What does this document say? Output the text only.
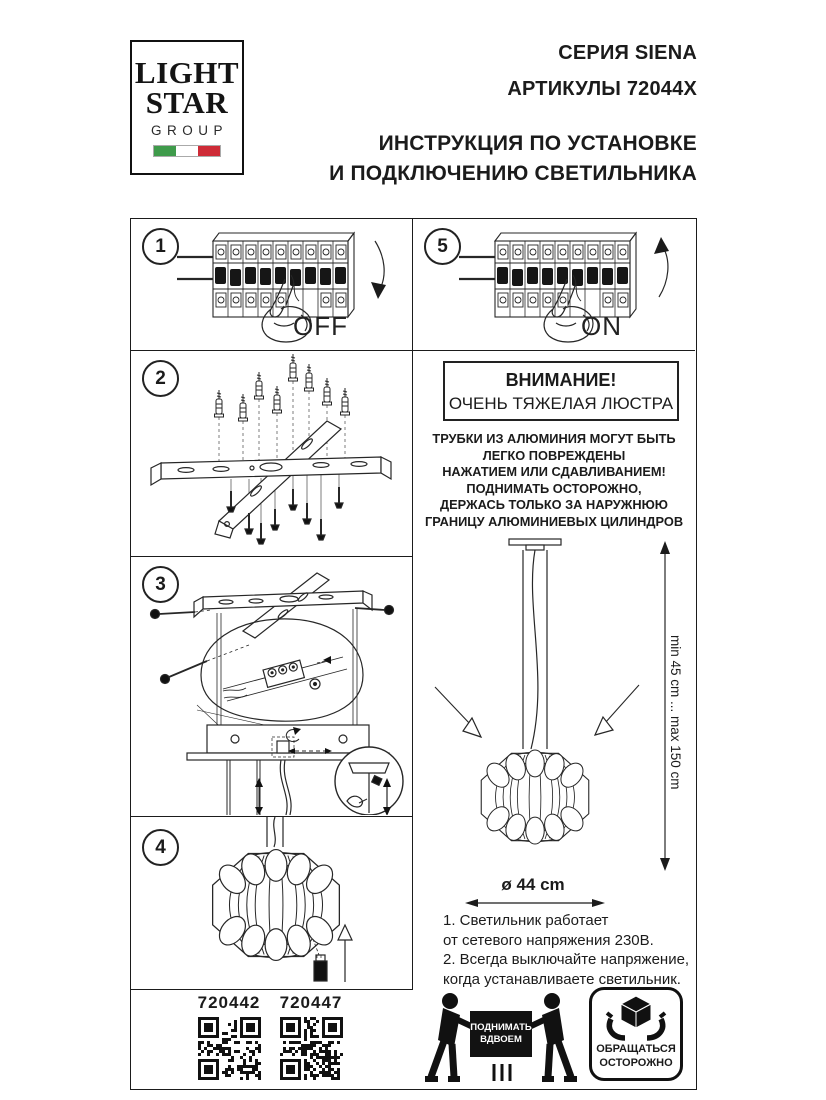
LIGHT
STAR
GROUP
СЕРИЯ SIENA
АРТИКУЛЫ 72044X
ИНСТРУКЦИЯ ПО УСТАНОВКЕ
И ПОДКЛЮЧЕНИЮ СВЕТИЛЬНИКА
1
OFF
5
ON
2
3
4
720442	720447
ВНИМАНИЕ!
ОЧЕНЬ ТЯЖЕЛАЯ ЛЮСТРА
ТРУБКИ ИЗ АЛЮМИНИЯ МОГУТ БЫТЬ
ЛЕГКО ПОВРЕЖДЕНЫ
НАЖАТИЕМ ИЛИ СДАВЛИВАНИЕМ!
ПОДНИМАТЬ ОСТОРОЖНО,
ДЕРЖАСЬ ТОЛЬКО ЗА НАРУЖНЮЮ
ГРАНИЦУ АЛЮМИНИЕВЫХ ЦИЛИНДРОВ
min 45 cm ... max 150 cm
ø 44 cm
1. Светильник работает
от сетевого напряжения 230В.
2. Всегда выключайте напряжение,
когда устанавливаете светильник.
ПОДНИМАТЬ
ВДВОЕМ
ОБРАЩАТЬСЯ
ОСТОРОЖНО
